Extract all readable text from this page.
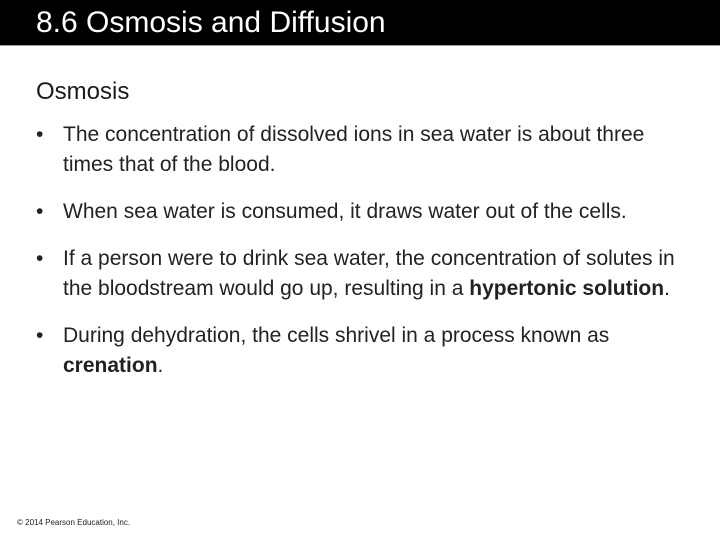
8.6 Osmosis and Diffusion
Osmosis
• The concentration of dissolved ions in sea water is about three times that of the blood.
• When sea water is consumed, it draws water out of the cells.
• If a person were to drink sea water, the concentration of solutes in the bloodstream would go up, resulting in a hypertonic solution.
• During dehydration, the cells shrivel in a process known as crenation.
© 2014 Pearson Education, Inc.
